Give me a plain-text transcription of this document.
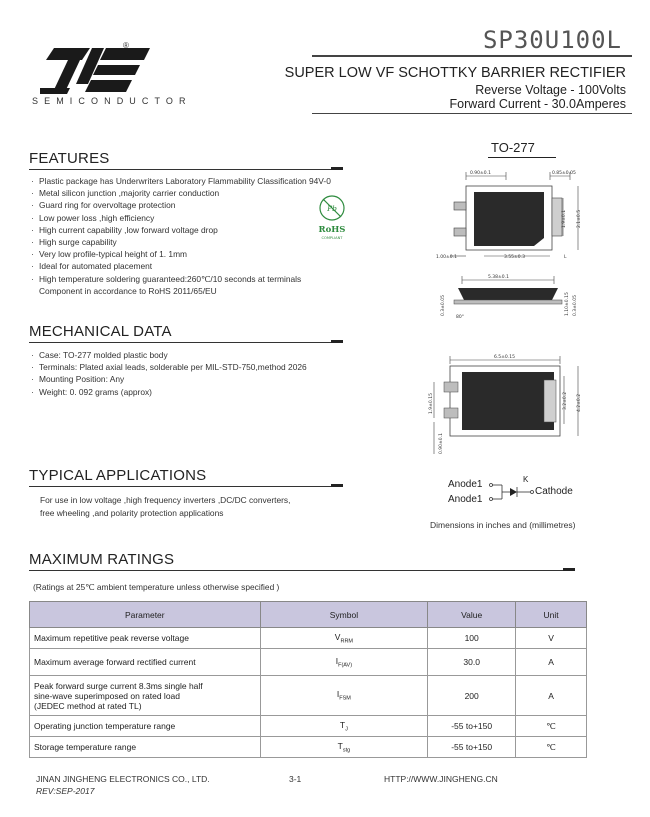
®
SEMICONDUCTOR
SP30U100L
SUPER LOW VF SCHOTTKY BARRIER RECTIFIER
Reverse Voltage - 100Volts
Forward Current - 30.0Amperes
FEATURES
· Plastic package has Underwriters Laboratory Flammability Classification 94V-0
· Metal silicon junction ,majority carrier conduction
· Guard ring for overvoltage protection
· Low power loss ,high efficiency
· High current capability ,low forward voltage drop
· High surge capability
· Very low profile-typical height of 1. 1mm
· Ideal for automated placement
· High temperature soldering guaranteed:260℃/10 seconds at terminals
Component in accordance to RoHS 2011/65/EU
Pb
RoHS
COMPLIANT
TO-277
0.90±0.1	0.85±0.05
2.1±0.5
1.9±0.1
1.00±0.1	3.55±0.3	L
5.38±0.1
0.3±0.05	1.10±0.15 0.3±0.05
80°
6.5±0.15
1.9±0.15	4.2±0.2
3.2±0.2
0.90±0.1
Anode1
Anode1
K
Cathode
Dimensions in inches and (millimetres)
MECHANICAL DATA
· Case: TO-277 molded plastic body
· Terminals: Plated axial leads, solderable per MIL-STD-750,method 2026
· Mounting Position: Any
· Weight: 0. 092 grams (approx)
TYPICAL APPLICATIONS
For use in low voltage ,high frequency inverters ,DC/DC converters,
free wheeling ,and polarity protection applications
MAXIMUM RATINGS
(Ratings at 25℃ ambient temperature unless otherwise specified )
Parameter	Symbol	Value	Unit
Maximum repetitive peak reverse voltage	$V_{RRM}$	100	V
Maximum average forward rectified current	$I_{F(AV)}$	30.0	A

Peak forward surge current 8.3ms single half
sine-wave superimposed on rated load
(JEDEC method at rated TL)	$I_{FSM}$	200	A
Operating junction temperature range	$T_J$	-55 to+150	℃
Storage temperature range	$T_{stg}$	-55 to+150	℃
JINAN JINGHENG ELECTRONICS CO., LTD.
REV:SEP-2017
3-1	HTTP://WWW.JINGHENG.CN
